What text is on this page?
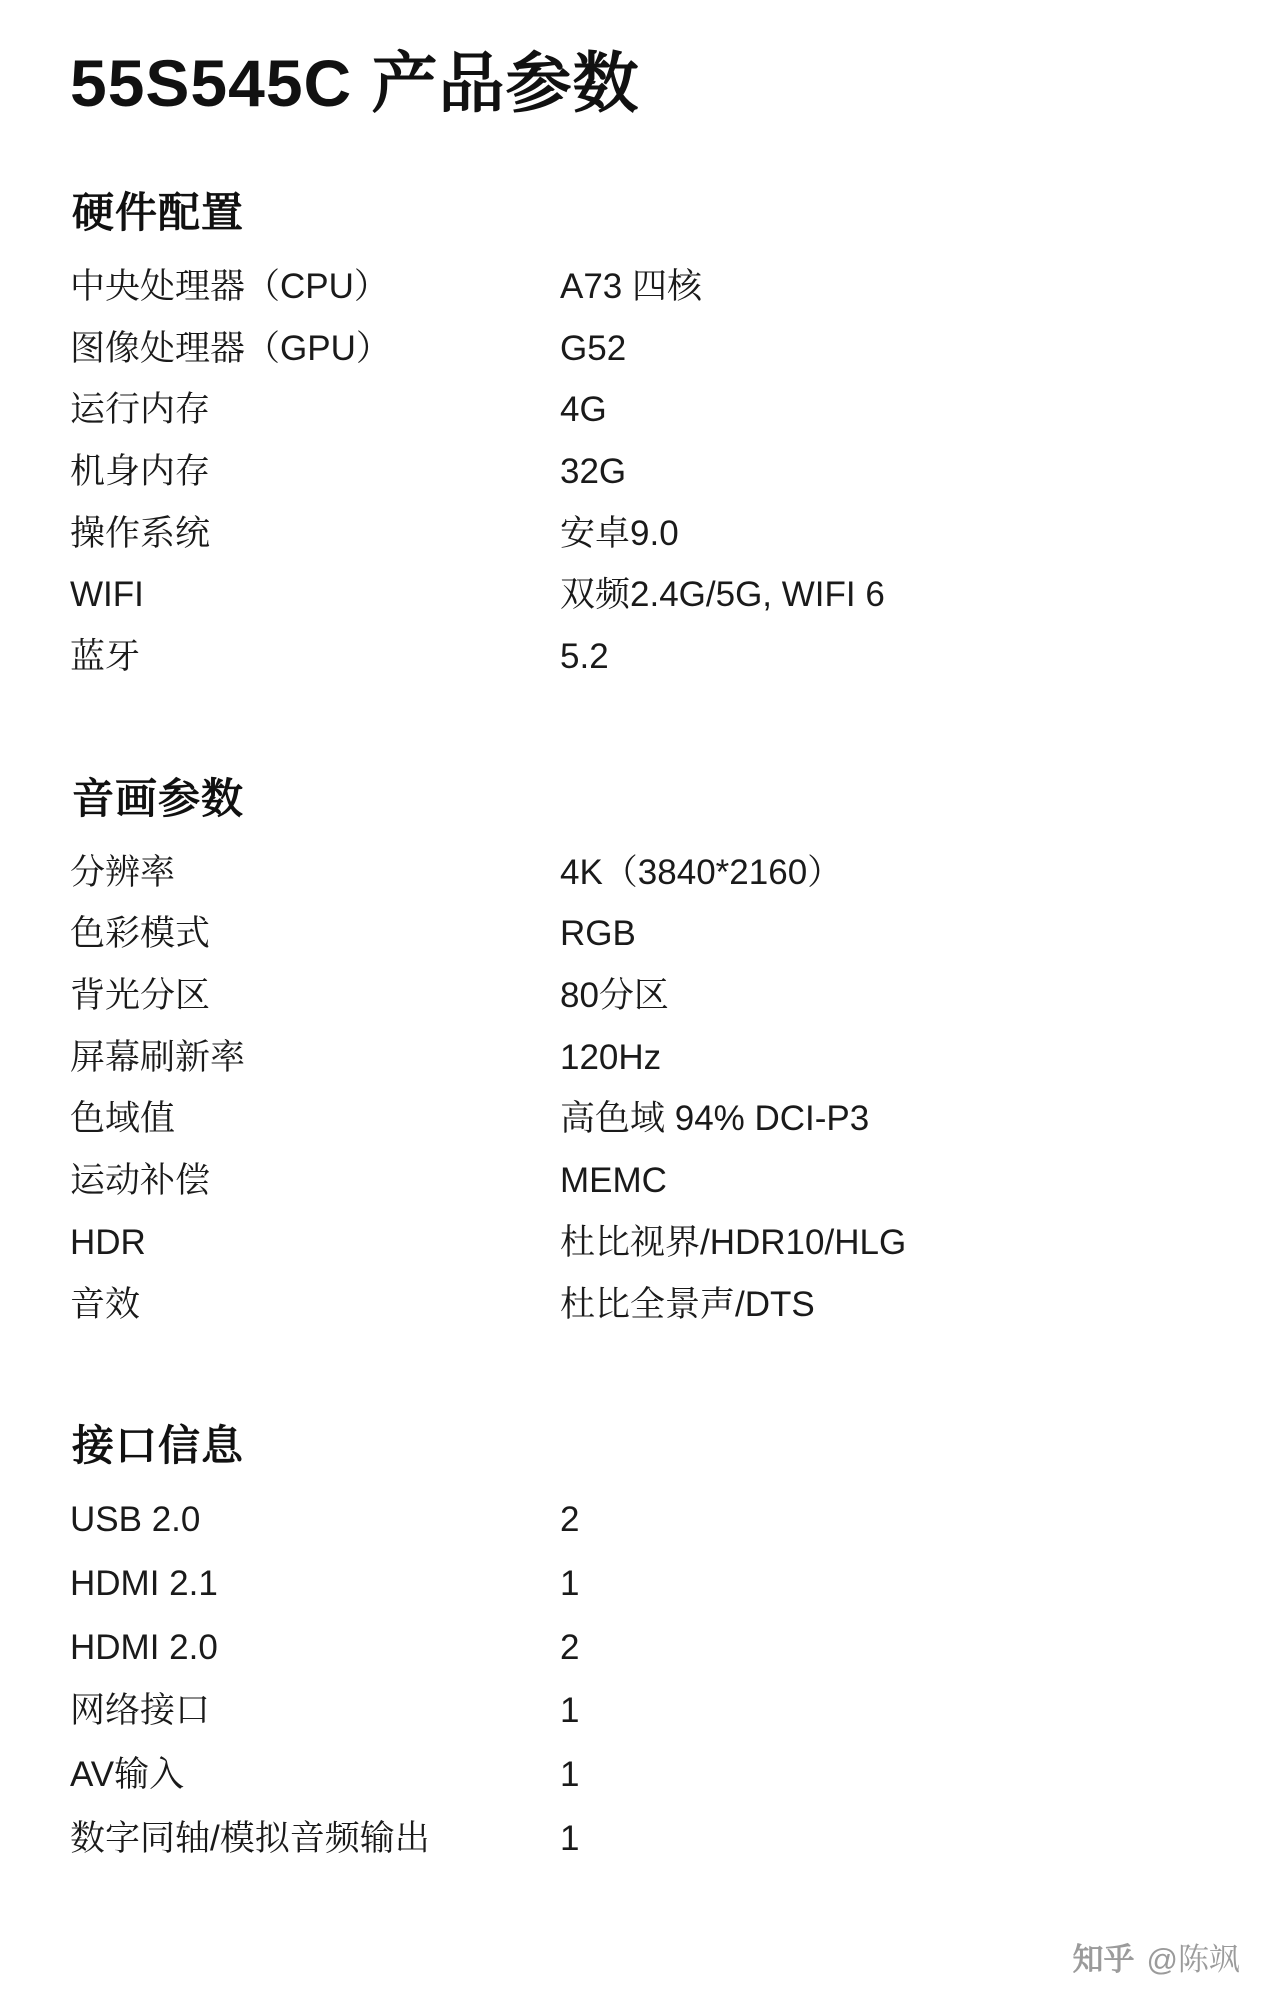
55S545C 产品参数
硬件配置
中央处理器（CPU）	A73 四核
图像处理器（GPU）	G52
运行内存	4G
机身内存	32G
操作系统	安卓9.0
WIFI	双频2.4G/5G, WIFI 6
蓝牙	5.2
音画参数
分辨率	4K（3840*2160）
色彩模式	RGB
背光分区	80分区
屏幕刷新率	120Hz
色域值	高色域 94% DCI-P3
运动补偿	MEMC
HDR	杜比视界/HDR10/HLG
音效	杜比全景声/DTS
接口信息
USB 2.0	2
HDMI 2.1	1
HDMI 2.0	2
网络接口	1
AV输入	1
数字同轴/模拟音频输出	1
知乎 @陈飒
